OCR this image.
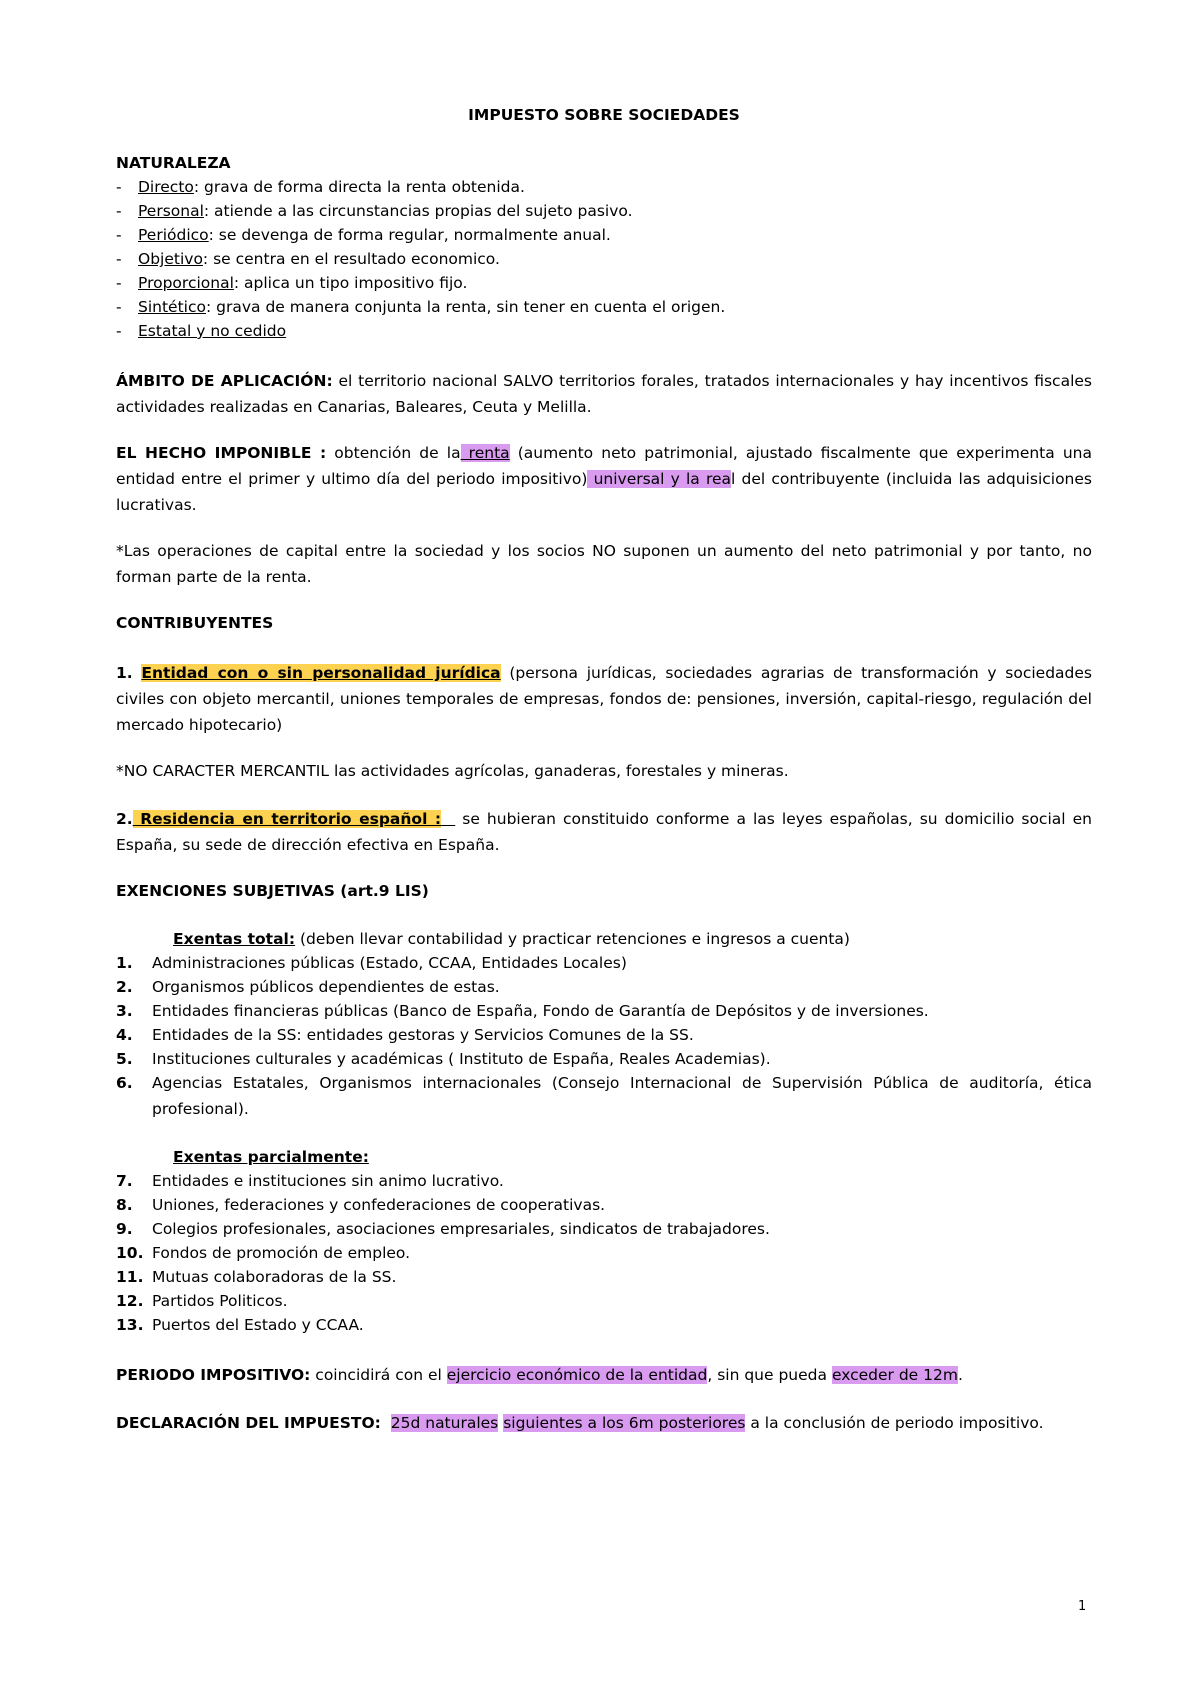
IMPUESTO SOBRE SOCIEDADES
NATURALEZA
- Directo: grava de forma directa la renta obtenida.
- Personal: atiende a las circunstancias propias del sujeto pasivo.
- Periódico: se devenga de forma regular, normalmente anual.
- Objetivo: se centra en el resultado economico.
- Proporcional: aplica un tipo impositivo fijo.
- Sintético: grava de manera conjunta la renta, sin tener en cuenta el origen.
- Estatal y no cedido
ÁMBITO DE APLICACIÓN: el territorio nacional SALVO territorios forales, tratados internacionales y hay incentivos fiscales actividades realizadas en Canarias, Baleares, Ceuta y Melilla.
EL HECHO IMPONIBLE : obtención de la renta (aumento neto patrimonial, ajustado fiscalmente que experimenta una entidad entre el primer y ultimo día del periodo impositivo) universal y la real del contribuyente (incluida las adquisiciones lucrativas.
*Las operaciones de capital entre la sociedad y los socios NO suponen un aumento del neto patrimonial y por tanto, no forman parte de la renta.
CONTRIBUYENTES
1. Entidad con o sin personalidad jurídica (persona jurídicas, sociedades agrarias de transformación y sociedades civiles con objeto mercantil, uniones temporales de empresas, fondos de: pensiones, inversión, capital-riesgo, regulación del mercado hipotecario)
*NO CARACTER MERCANTIL las actividades agrícolas, ganaderas, forestales y mineras.
2. Residencia en territorio español :   se hubieran constituido conforme a las leyes españolas, su domicilio social en España, su sede de dirección efectiva en España.
EXENCIONES SUBJETIVAS (art.9 LIS)
Exentas total: (deben llevar contabilidad y practicar retenciones e ingresos a cuenta)
1. Administraciones públicas (Estado, CCAA, Entidades Locales)
2. Organismos públicos dependientes de estas.
3. Entidades financieras públicas (Banco de España, Fondo de Garantía de Depósitos y de inversiones.
4. Entidades de la SS: entidades gestoras y Servicios Comunes de la SS.
5. Instituciones culturales y académicas ( Instituto de España, Reales Academias).
6. Agencias Estatales, Organismos internacionales (Consejo Internacional de Supervisión Pública de auditoría, ética profesional).
Exentas parcialmente:
7. Entidades e instituciones sin animo lucrativo.
8. Uniones, federaciones y confederaciones de cooperativas.
9. Colegios profesionales, asociaciones empresariales, sindicatos de trabajadores.
10. Fondos de promoción de empleo.
11. Mutuas colaboradoras de la SS.
12. Partidos Politicos.
13. Puertos del Estado y CCAA.
PERIODO IMPOSITIVO: coincidirá con el ejercicio económico de la entidad, sin que pueda exceder de 12m.
DECLARACIÓN DEL IMPUESTO: 25d naturales siguientes a los 6m posteriores a la conclusión de periodo impositivo.
1
